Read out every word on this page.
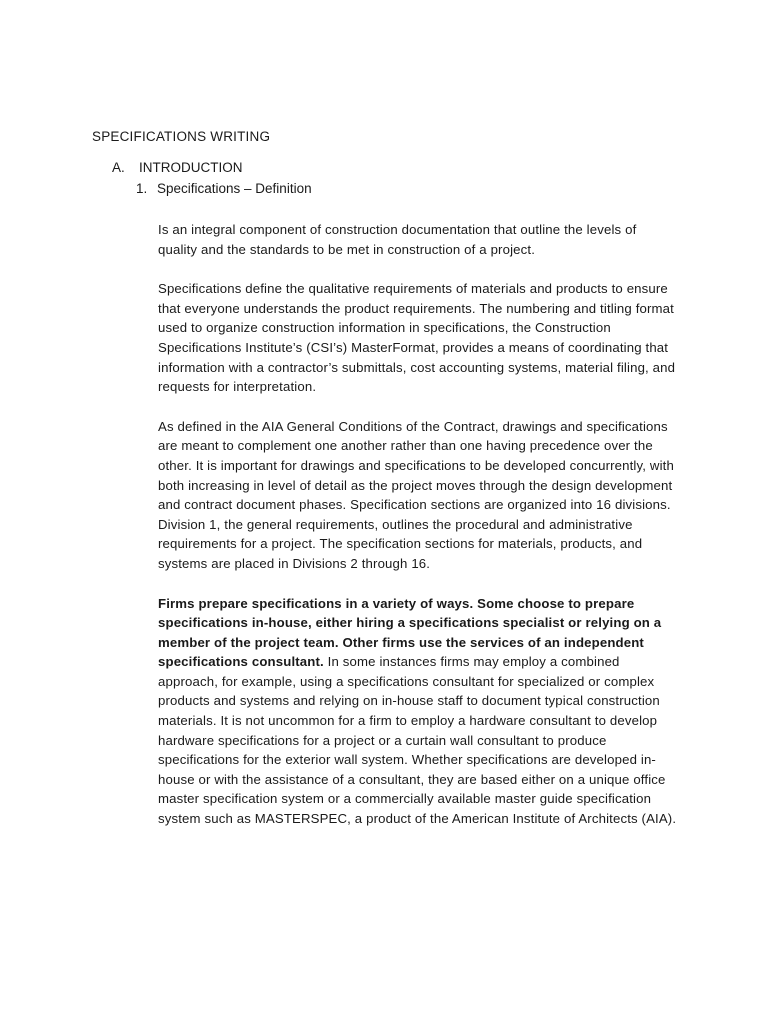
SPECIFICATIONS WRITING
A.	INTRODUCTION
1. Specifications – Definition

Is an integral component of construction documentation that outline the levels of quality and the standards to be met in construction of a project.

Specifications define the qualitative requirements of materials and products to ensure that everyone understands the product requirements. The numbering and titling format used to organize construction information in specifications, the Construction Specifications Institute’s (CSI’s) MasterFormat, provides a means of coordinating that information with a contractor’s submittals, cost accounting systems, material filing, and requests for interpretation.

As defined in the AIA General Conditions of the Contract, drawings and specifications are meant to complement one another rather than one having precedence over the other. It is important for drawings and specifications to be developed concurrently, with both increasing in level of detail as the project moves through the design development and contract document phases. Specification sections are organized into 16 divisions. Division 1, the general requirements, outlines the procedural and administrative requirements for a project. The specification sections for materials, products, and systems are placed in Divisions 2 through 16.

Firms prepare specifications in a variety of ways. Some choose to prepare specifications in-house, either hiring a specifications specialist or relying on a member of the project team. Other firms use the services of an independent specifications consultant. In some instances firms may employ a combined approach, for example, using a specifications consultant for specialized or complex products and systems and relying on in-house staff to document typical construction materials. It is not uncommon for a firm to employ a hardware consultant to develop hardware specifications for a project or a curtain wall consultant to produce specifications for the exterior wall system. Whether specifications are developed in-house or with the assistance of a consultant, they are based either on a unique office master specification system or a commercially available master guide specification system such as MASTERSPEC, a product of the American Institute of Architects (AIA).
